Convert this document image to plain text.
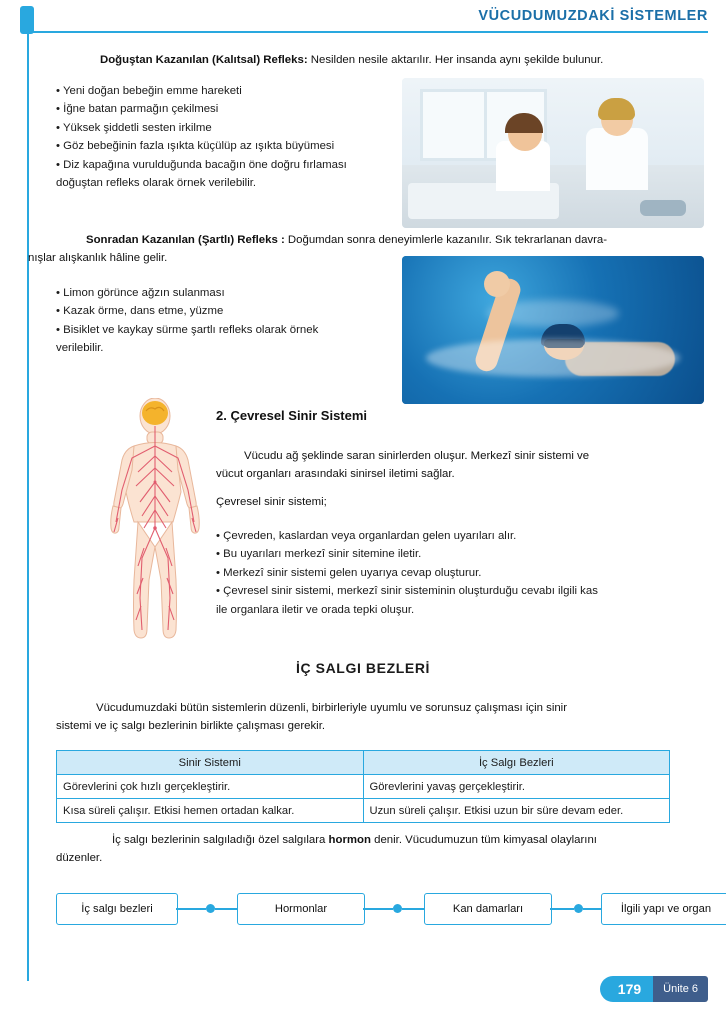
VÜCUDUMUZDAKİ SİSTEMLER
Doğuştan Kazanılan (Kalıtsal) Refleks: Nesilden nesile aktarılır. Her insanda aynı şekilde bulunur.
• Yeni doğan bebeğin emme hareketi
• İğne batan parmağın çekilmesi
• Yüksek şiddetli sesten irkilme
• Göz bebeğinin fazla ışıkta küçülüp az ışıkta büyümesi
• Diz kapağına vurulduğunda bacağın öne doğru fırlaması
doğuştan refleks olarak örnek verilebilir.
Sonradan Kazanılan (Şartlı) Refleks : Doğumdan sonra deneyimlerle kazanılır. Sık tekrarlanan davra-
nışlar alışkanlık hâline gelir.
• Limon görünce ağzın sulanması
• Kazak örme, dans etme, yüzme
• Bisiklet ve kaykay sürme şartlı refleks olarak örnek
verilebilir.
2. Çevresel Sinir Sistemi
Vücudu ağ şeklinde saran sinirlerden oluşur. Merkezî sinir sistemi ve
vücut organları arasındaki sinirsel iletimi sağlar.
Çevresel sinir sistemi;
• Çevreden, kaslardan veya organlardan gelen uyarıları alır.
• Bu uyarıları merkezî sinir sitemine iletir.
• Merkezî sinir sistemi gelen uyarıya cevap oluşturur.
• Çevresel sinir sistemi, merkezî sinir sisteminin oluşturduğu cevabı ilgili kas
ile organlara iletir ve orada tepki oluşur.
İÇ SALGI BEZLERİ
Vücudumuzdaki bütün sistemlerin düzenli, birbirleriyle uyumlu ve sorunsuz çalışması için sinir
sistemi ve iç salgı bezlerinin birlikte çalışması gerekir.
Sinir Sistemi	İç Salgı Bezleri
Görevlerini çok hızlı gerçekleştirir.	Görevlerini yavaş gerçekleştirir.
Kısa süreli çalışır. Etkisi hemen ortadan kalkar.	Uzun süreli çalışır. Etkisi uzun bir süre devam eder.
İç salgı bezlerinin salgıladığı özel salgılara hormon denir. Vücudumuzun tüm kimyasal olaylarını
düzenler.
İç salgı bezleri	Hormonlar	Kan damarları	İlgili yapı ve organ
179	Ünite 6
